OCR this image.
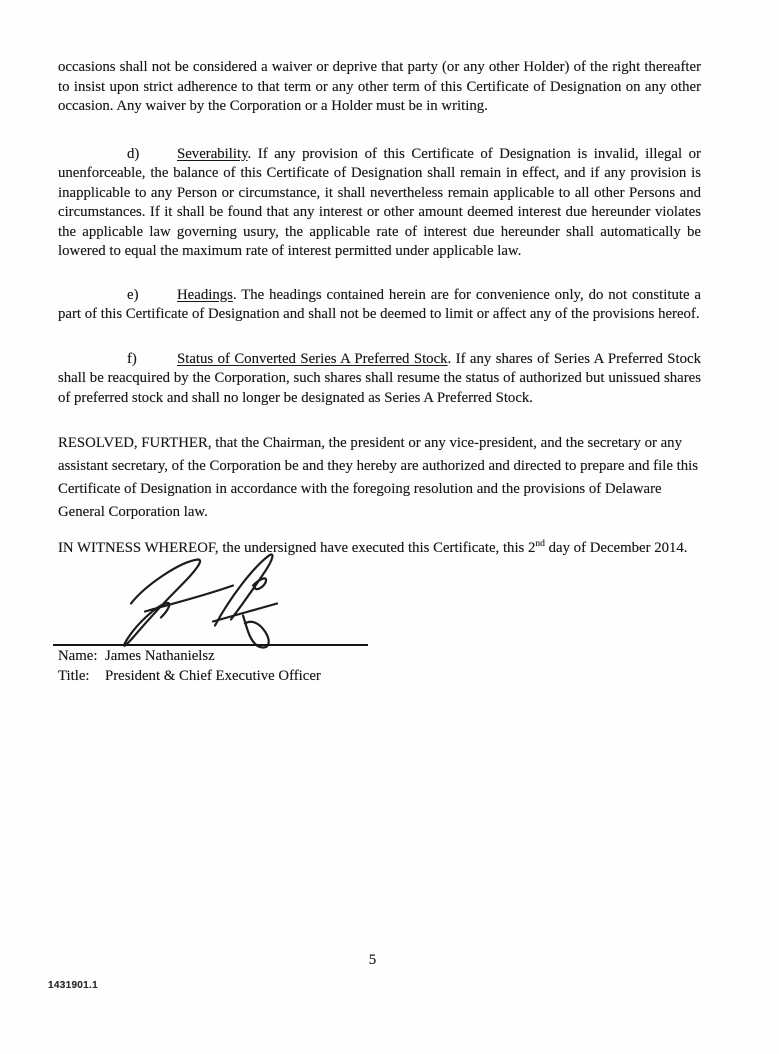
occasions shall not be considered a waiver or deprive that party (or any other Holder) of the right thereafter to insist upon strict adherence to that term or any other term of this Certificate of Designation on any other occasion. Any waiver by the Corporation or a Holder must be in writing.

d)	Severability. If any provision of this Certificate of Designation is invalid, illegal or unenforceable, the balance of this Certificate of Designation shall remain in effect, and if any provision is inapplicable to any Person or circumstance, it shall nevertheless remain applicable to all other Persons and circumstances. If it shall be found that any interest or other amount deemed interest due hereunder violates the applicable law governing usury, the applicable rate of interest due hereunder shall automatically be lowered to equal the maximum rate of interest permitted under applicable law.

e)	Headings. The headings contained herein are for convenience only, do not constitute a part of this Certificate of Designation and shall not be deemed to limit or affect any of the provisions hereof.

f)	Status of Converted Series A Preferred Stock. If any shares of Series A Preferred Stock shall be reacquired by the Corporation, such shares shall resume the status of authorized but unissued shares of preferred stock and shall no longer be designated as Series A Preferred Stock.

RESOLVED, FURTHER, that the Chairman, the president or any vice-president, and the secretary or any assistant secretary, of the Corporation be and they hereby are authorized and directed to prepare and file this Certificate of Designation in accordance with the foregoing resolution and the provisions of Delaware General Corporation law.

IN WITNESS WHEREOF, the undersigned have executed this Certificate, this 2nd day of December 2014.

Name: James Nathanielsz
Title: President & Chief Executive Officer
5
1431901.1
